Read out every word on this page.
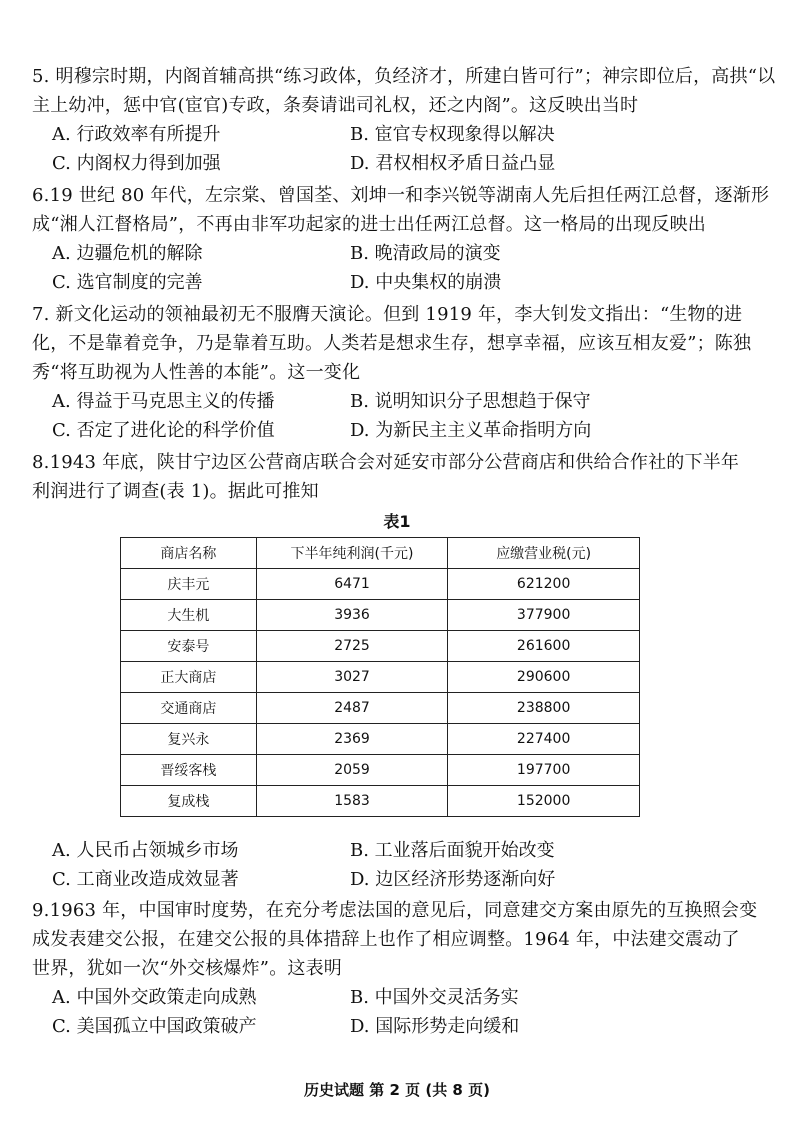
5. 明穆宗时期，内阁首辅高拱“练习政体，负经济才，所建白皆可行”；神宗即位后，高拱“以
主上幼冲，惩中官(宦官)专政，条奏请诎司礼权，还之内阁”。这反映出当时
A. 行政效率有所提升	B. 宦官专权现象得以解决
C. 内阁权力得到加强	D. 君权相权矛盾日益凸显
6.19 世纪 80 年代，左宗棠、曾国荃、刘坤一和李兴锐等湖南人先后担任两江总督，逐渐形
成“湘人江督格局”，不再由非军功起家的进士出任两江总督。这一格局的出现反映出
A. 边疆危机的解除	B. 晚清政局的演变
C. 选官制度的完善	D. 中央集权的崩溃
7. 新文化运动的领袖最初无不服膺天演论。但到 1919 年，李大钊发文指出：“生物的进
化，不是靠着竞争，乃是靠着互助。人类若是想求生存，想享幸福，应该互相友爱”；陈独
秀“将互助视为人性善的本能”。这一变化
A. 得益于马克思主义的传播	B. 说明知识分子思想趋于保守
C. 否定了进化论的科学价值	D. 为新民主主义革命指明方向
8.1943 年底，陕甘宁边区公营商店联合会对延安市部分公营商店和供给合作社的下半年
利润进行了调查(表 1)。据此可推知
表1
商店名称	下半年纯利润(千元)	应缴营业税(元)
庆丰元	6471	621200
大生机	3936	377900
安泰号	2725	261600
正大商店	3027	290600
交通商店	2487	238800
复兴永	2369	227400
晋绥客栈	2059	197700
复成栈	1583	152000
A. 人民币占领城乡市场	B. 工业落后面貌开始改变
C. 工商业改造成效显著	D. 边区经济形势逐渐向好
9.1963 年，中国审时度势，在充分考虑法国的意见后，同意建交方案由原先的互换照会变
成发表建交公报，在建交公报的具体措辞上也作了相应调整。1964 年，中法建交震动了
世界，犹如一次“外交核爆炸”。这表明
A. 中国外交政策走向成熟	B. 中国外交灵活务实
C. 美国孤立中国政策破产	D. 国际形势走向缓和
历史试题 第 2 页 (共 8 页)
